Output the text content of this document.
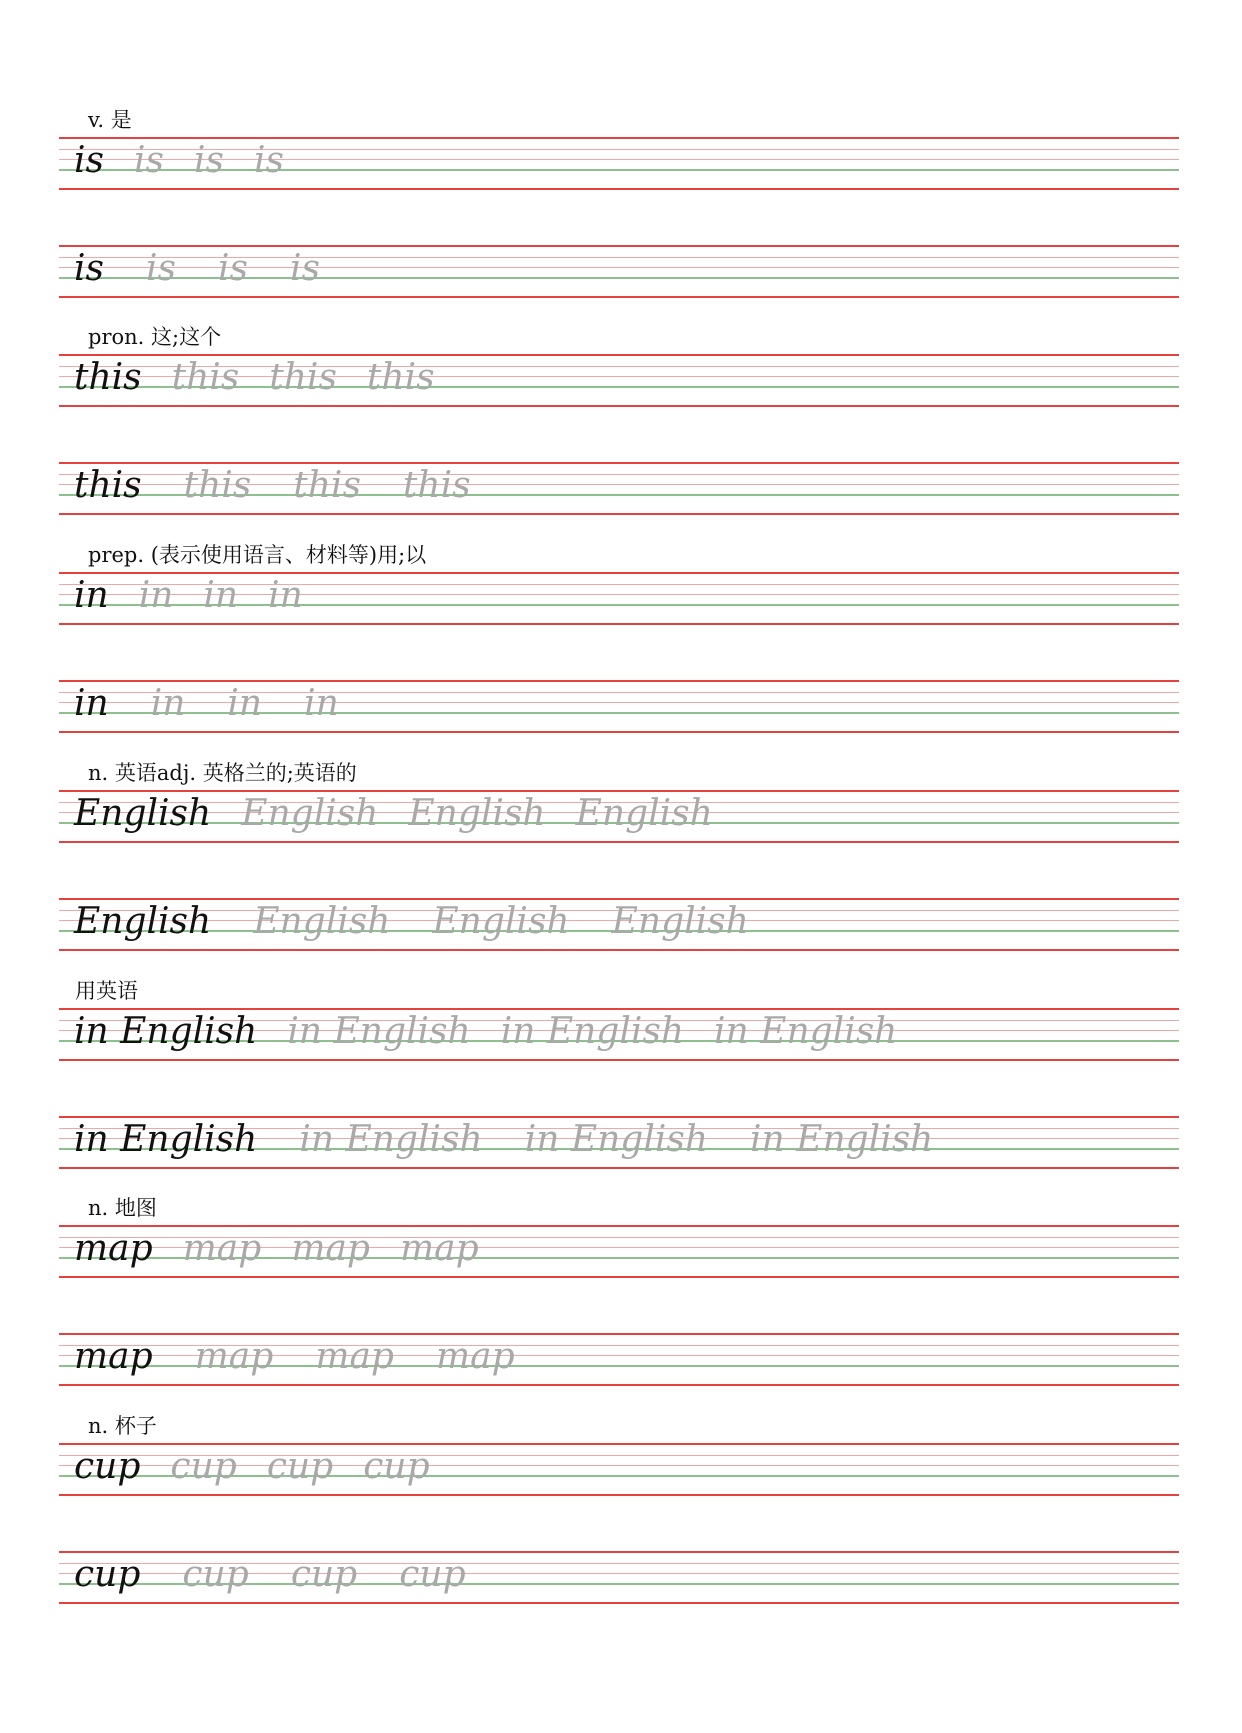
v. 是
is is is is
is is is is
pron. 这;这个
this this this this
this this this this
prep. (表示使用语言、材料等)用;以
in in in in
in in in in
n. 英语adj. 英格兰的;英语的
English English English English
English English English English
用英语
in English in English in English in English
in English in English in English in English
n. 地图
map map map map
map map map map
n. 杯子
cup cup cup cup
cup cup cup cup
